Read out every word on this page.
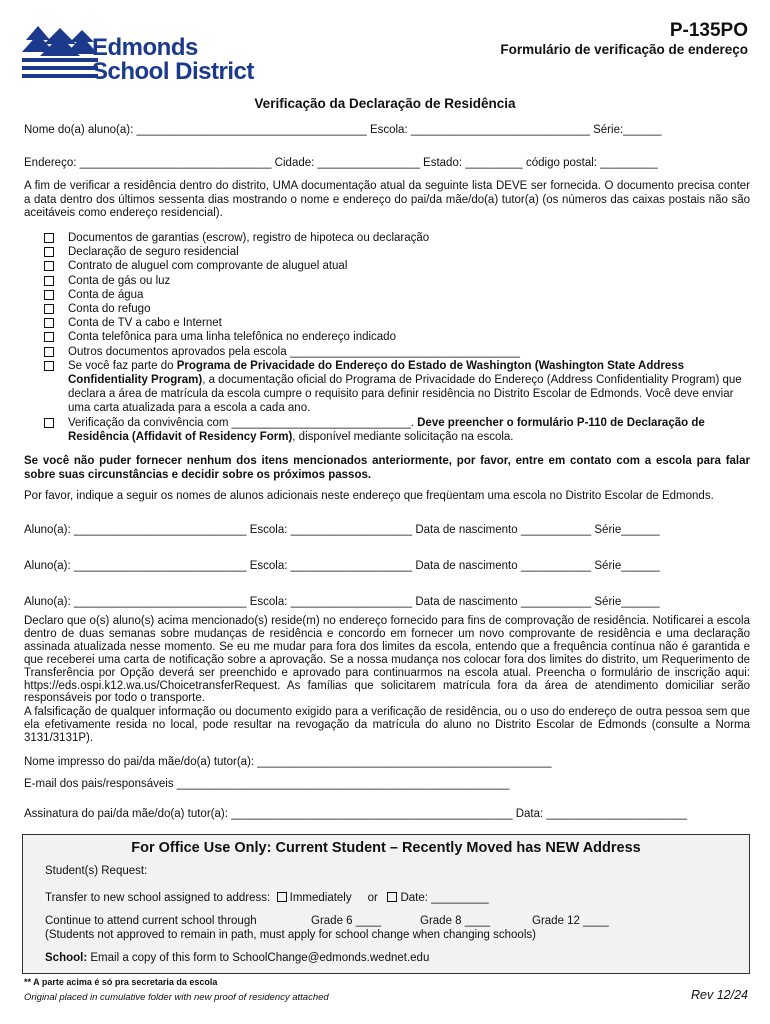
Edmonds
School District
P-135PO
Formulário de verificação de endereço
Verificação da Declaração de Residência
Nome do(a) aluno(a): ____________________________________ Escola: ____________________________ Série:______
Endereço: ______________________________ Cidade: ________________ Estado: _________ código postal: _________
A fim de verificar a residência dentro do distrito, UMA documentação atual da seguinte lista DEVE ser fornecida. O documento precisa conter a data dentro dos últimos sessenta dias mostrando o nome e endereço do pai/da mãe/do(a) tutor(a) (os números das caixas postais não são aceitáveis como endereço residencial).
Documentos de garantias (escrow), registro de hipoteca ou declaração
Declaração de seguro residencial
Contrato de aluguel com comprovante de aluguel atual
Conta de gás ou luz
Conta de água
Conta do refugo
Conta de TV a cabo e Internet
Conta telefônica para uma linha telefônica no endereço indicado
Outros documentos aprovados pela escola ____________________________________
Se você faz parte do Programa de Privacidade do Endereço do Estado de Washington (Washington State Address Confidentiality Program), a documentação oficial do Programa de Privacidade do Endereço (Address Confidentiality Program) que declara a área de matrícula da escola cumpre o requisito para definir residência no Distrito Escolar de Edmonds. Você deve enviar uma carta atualizada para a escola a cada ano.
Verificação da convivência com ____________________________. Deve preencher o formulário P-110 de Declaração de Residência (Affidavit of Residency Form), disponível mediante solicitação na escola.
Se você não puder fornecer nenhum dos itens mencionados anteriormente, por favor, entre em contato com a escola para falar sobre suas circunstâncias e decidir sobre os próximos passos.
Por favor, indique a seguir os nomes de alunos adicionais neste endereço que freqüentam uma escola no Distrito Escolar de Edmonds.
Aluno(a): ___________________________ Escola: ___________________ Data de nascimento ___________ Série______
Aluno(a): ___________________________ Escola: ___________________ Data de nascimento ___________ Série______
Aluno(a): ___________________________ Escola: ___________________ Data de nascimento ___________ Série______
Declaro que o(s) aluno(s) acima mencionado(s) reside(m) no endereço fornecido para fins de comprovação de residência. Notificarei a escola dentro de duas semanas sobre mudanças de residência e concordo em fornecer um novo comprovante de residência e uma declaração assinada atualizada nesse momento. Se eu me mudar para fora dos limites da escola, entendo que a frequência contínua não é garantida e que receberei uma carta de notificação sobre a aprovação. Se a nossa mudança nos colocar fora dos limites do distrito, um Requerimento de Transferência por Opção deverá ser preenchido e aprovado para continuarmos na escola atual. Preencha o formulário de inscrição aqui: https://eds.ospi.k12.wa.us/ChoicetransferRequest. As famílias que solicitarem matrícula fora da área de atendimento domiciliar serão responsáveis por todo o transporte.
A falsificação de qualquer informação ou documento exigido para a verificação de residência, ou o uso do endereço de outra pessoa sem que ela efetivamente resida no local, pode resultar na revogação da matrícula do aluno no Distrito Escolar de Edmonds (consulte a Norma 3131/3131P).
Nome impresso do pai/da mãe/do(a) tutor(a): ______________________________________________
E-mail dos pais/responsáveis ____________________________________________________
Assinatura do pai/da mãe/do(a) tutor(a): ____________________________________________ Data: ______________________
For Office Use Only: Current Student – Recently Moved has NEW Address
Student(s) Request:
Transfer to new school assigned to address: Immediately or Date: _________
Continue to attend current school through	Grade 6 ____	Grade 8 ____	Grade 12 ____
(Students not approved to remain in path, must apply for school change when changing schools)
School: Email a copy of this form to SchoolChange@edmonds.wednet.edu
** A parte acima é só pra secretaria da escola
Original placed in cumulative folder with new proof of residency attached	Rev 12/24
